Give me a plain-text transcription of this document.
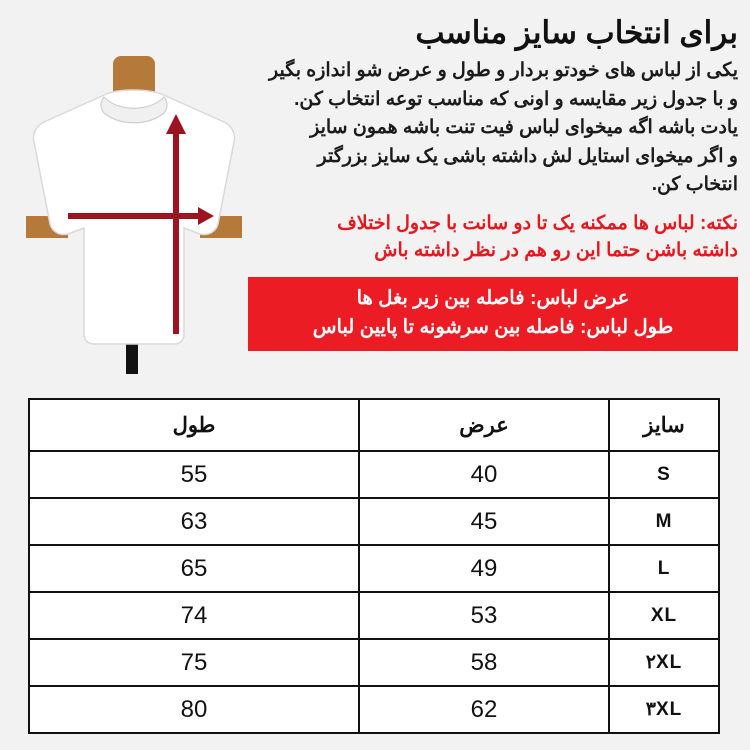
برای انتخاب سایز مناسب
یکی از لباس های خودتو بردار و طول و عرض شو اندازه بگیر
و با جدول زیر مقایسه و اونی که مناسب توعه انتخاب کن.
یادت باشه اگه میخوای لباس فیت تنت باشه همون سایز
و اگر میخوای استایل لش داشته باشی یک سایز بزرگتر
انتخاب کن.
نکته: لباس ها ممکنه یک تا دو سانت با جدول اختلاف
داشته باشن حتما این رو هم در نظر داشته باش
عرض لباس: فاصله بین زیر بغل ها
طول لباس: فاصله بین سرشونه تا پایین لباس
سایز	عرض	طول
S	40	55
M	45	63
L	49	65
XL	53	74
۲XL	58	75
۳XL	62	80
